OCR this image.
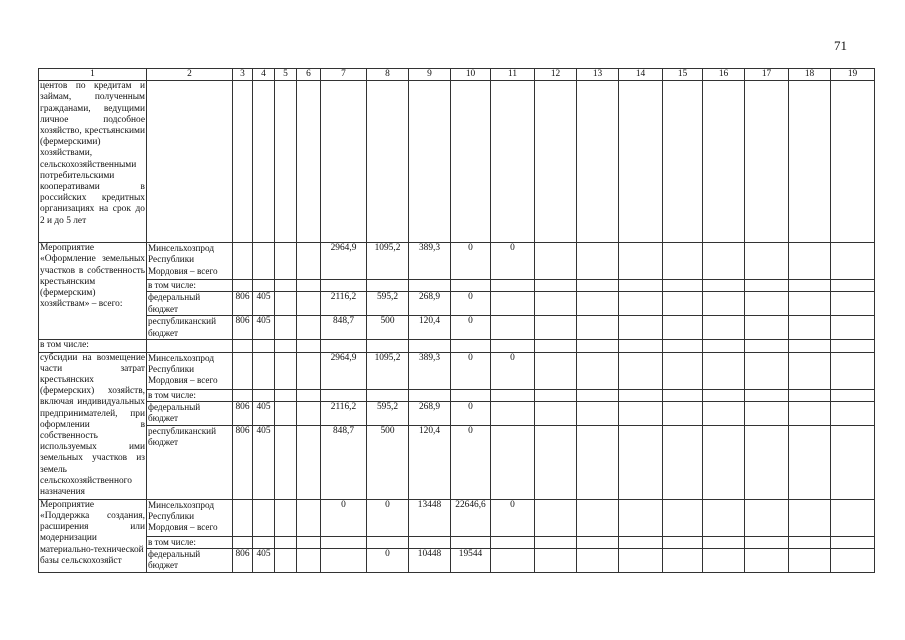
71
1	2	3	4	5	6	7	8	9	10	11	12	13	14	15	16	17	18	19
центов по кредитам и займам, полученным гражданами, ведущими личное подсобное хозяйство, крестьянскими (фермерскими) хозяйствами, сельскохозяйственными потребительскими кооперативами в российских кредитных организациях на срок до 2 и до 5 лет																		
Мероприятие «Оформление земельных участков в собственность крестьянским (фермерским) хозяйствам» – всего:	Минсельхозпрод Республики Мордовия – всего					2964,9	1095,2	389,3	0	0								
	в том числе:																	
	федеральный бюджет	806	405			2116,2	595,2	268,9	0									
	республиканский бюджет	806	405			848,7	500	120,4	0									
в том числе:																		
субсидии на возмещение части затрат крестьянских (фермерских) хозяйств, включая индивидуальных предпринимателей, при оформлении в собственность используемых ими земельных участков из земель сельскохозяйственного назначения	Минсельхозпрод Республики Мордовия – всего					2964,9	1095,2	389,3	0	0								
	в том числе:																	
	федеральный бюджет	806	405			2116,2	595,2	268,9	0									
	республиканский бюджет	806	405			848,7	500	120,4	0									
Мероприятие «Поддержка создания, расширения или модернизации материально-технической базы сельскохозяйст	Минсельхозпрод Республики Мордовия – всего					0	0	13448	22646,6	0								
	в том числе:																	
	федеральный бюджет	806	405				0	10448	19544									
